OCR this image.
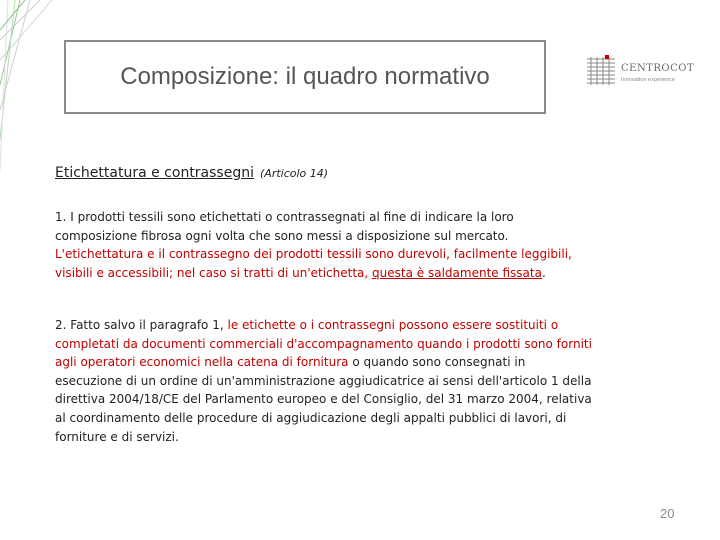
Composizione: il quadro normativo	CENTROCOT
Innovation experience
Etichettatura e contrassegni (Articolo 14)
1. I prodotti tessili sono etichettati o contrassegnati al fine di indicare la loro composizione fibrosa ogni volta che sono messi a disposizione sul mercato. L'etichettatura e il contrassegno dei prodotti tessili sono durevoli, facilmente leggibili, visibili e accessibili; nel caso si tratti di un'etichetta, questa è saldamente fissata.
2. Fatto salvo il paragrafo 1, le etichette o i contrassegni possono essere sostituiti o completati da documenti commerciali d'accompagnamento quando i prodotti sono forniti agli operatori economici nella catena di fornitura o quando sono consegnati in esecuzione di un ordine di un'amministrazione aggiudicatrice ai sensi dell'articolo 1 della direttiva 2004/18/CE del Parlamento europeo e del Consiglio, del 31 marzo 2004, relativa al coordinamento delle procedure di aggiudicazione degli appalti pubblici di lavori, di forniture e di servizi.
20
